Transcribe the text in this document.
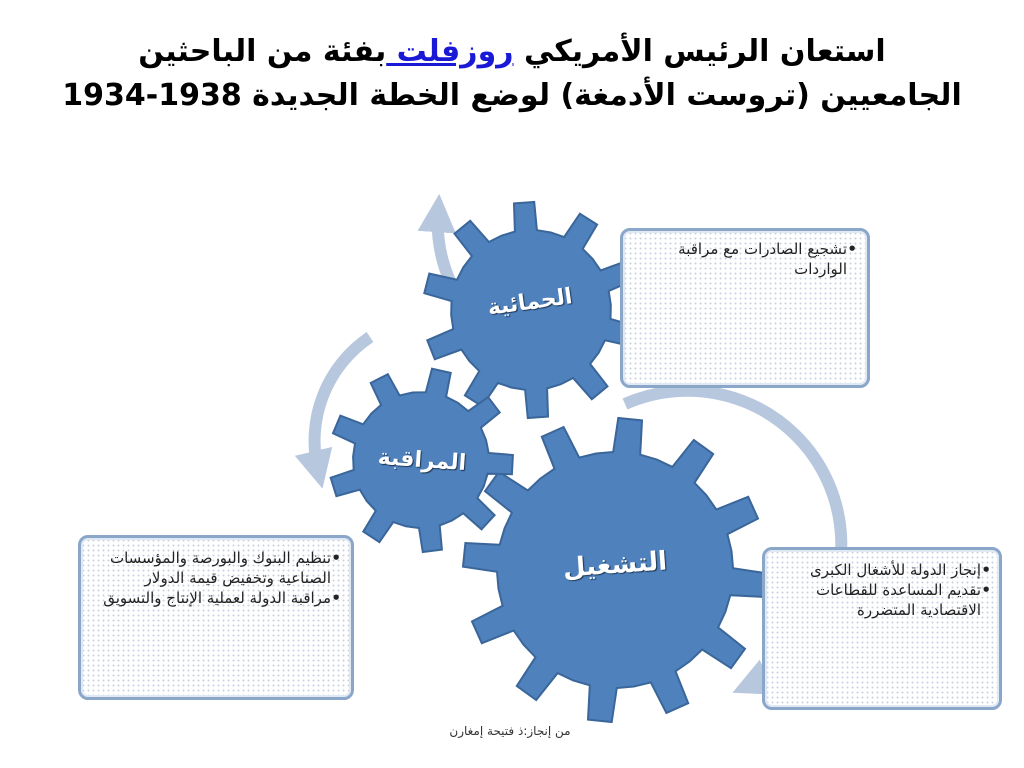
استعان الرئيس الأمريكي روزفلت بفئة من الباحثين
الجامعيين (تروست الأدمغة) لوضع الخطة الجديدة 1938-1934
الحمائية
المراقبة
التشغيل
• تشجيع الصادرات مع مراقبة الواردات
• تنظيم البنوك والبورصة والمؤسسات الصناعية وتخفيض قيمة الدولار
• مراقبة الدولة لعملية الإنتاج والتسويق
• إنجاز الدولة للأشغال الكبرى
• تقديم المساعدة للقطاعات الاقتصادية المتضررة
من إنجاز:ذ فتيحة إمغارن
